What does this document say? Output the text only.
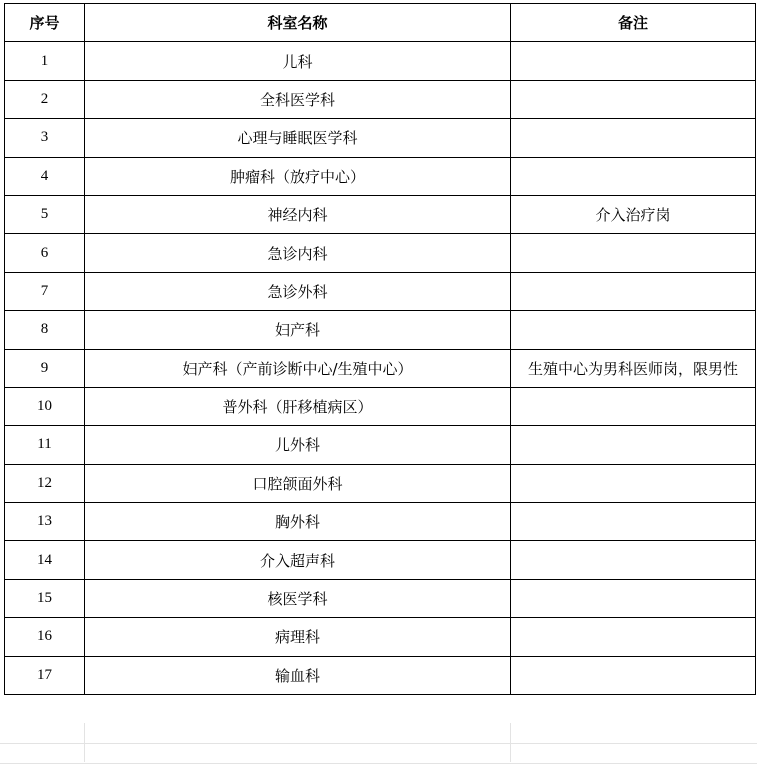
序号	科室名称	备注
1	儿科	
2	全科医学科	
3	心理与睡眠医学科	
4	肿瘤科（放疗中心）	
5	神经内科	介入治疗岗
6	急诊内科	
7	急诊外科	
8	妇产科	
9	妇产科（产前诊断中心/生殖中心）	生殖中心为男科医师岗，限男性
10	普外科（肝移植病区）	
11	儿外科	
12	口腔颌面外科	
13	胸外科	
14	介入超声科	
15	核医学科	
16	病理科	
17	输血科	
